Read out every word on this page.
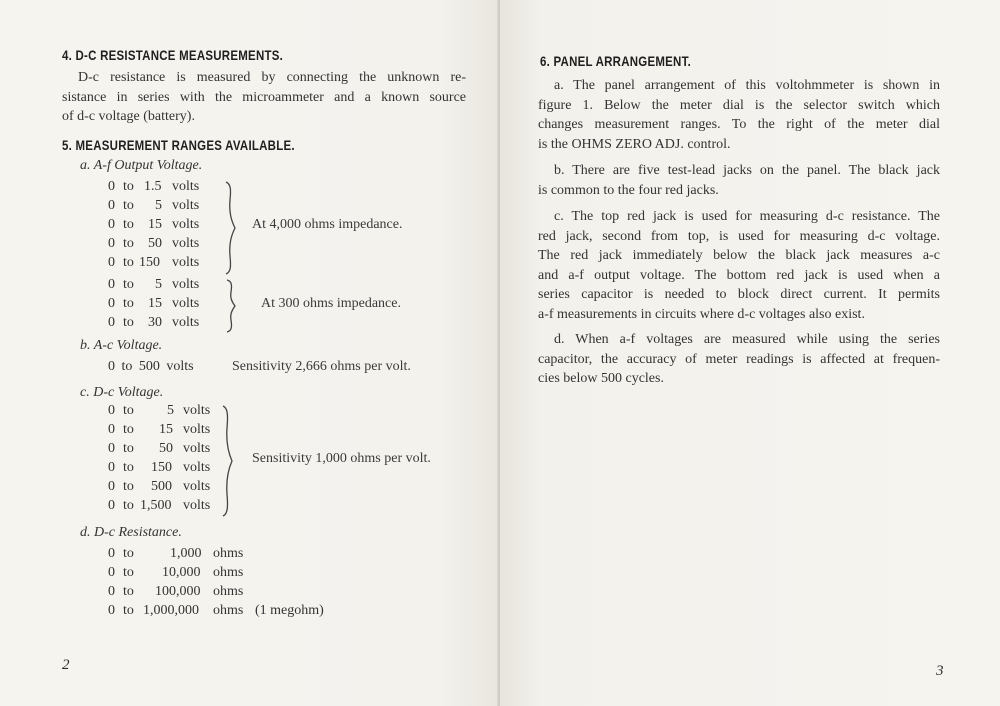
4. D-C RESISTANCE MEASUREMENTS.
D-c resistance is measured by connecting the unknown re-
sistance in series with the microammeter and a known source
of d-c voltage (battery).
5. MEASUREMENT RANGES AVAILABLE.
a. A-f Output Voltage.
0 to 1.5 volts
0 to 5 volts
0 to 15 volts
0 to 50 volts
0 to 150 volts
At 4,000 ohms impedance.
0 to 5 volts
0 to 15 volts
0 to 30 volts
At 300 ohms impedance.
b. A-c Voltage.
0 to 500 volts	Sensitivity 2,666 ohms per volt.
c. D-c Voltage.
0 to 5 volts
0 to 15 volts
0 to 50 volts
0 to 150 volts
0 to 500 volts
0 to 1,500 volts
Sensitivity 1,000 ohms per volt.
d. D-c Resistance.
0 to	1,000 ohms
0 to 10,000 ohms
0 to 100,000 ohms
0 to 1,000,000 ohms (1 megohm)
2
6. PANEL ARRANGEMENT.
a. The panel arrangement of this voltohmmeter is shown in
figure 1. Below the meter dial is the selector switch which
changes measurement ranges. To the right of the meter dial
is the OHMS ZERO ADJ. control.
b. There are five test-lead jacks on the panel. The black jack
is common to the four red jacks.
c. The top red jack is used for measuring d-c resistance. The
red jack, second from top, is used for measuring d-c voltage.
The red jack immediately below the black jack measures a-c
and a-f output voltage. The bottom red jack is used when a
series capacitor is needed to block direct current. It permits
a-f measurements in circuits where d-c voltages also exist.
d. When a-f voltages are measured while using the series
capacitor, the accuracy of meter readings is affected at frequen-
cies below 500 cycles.
3
